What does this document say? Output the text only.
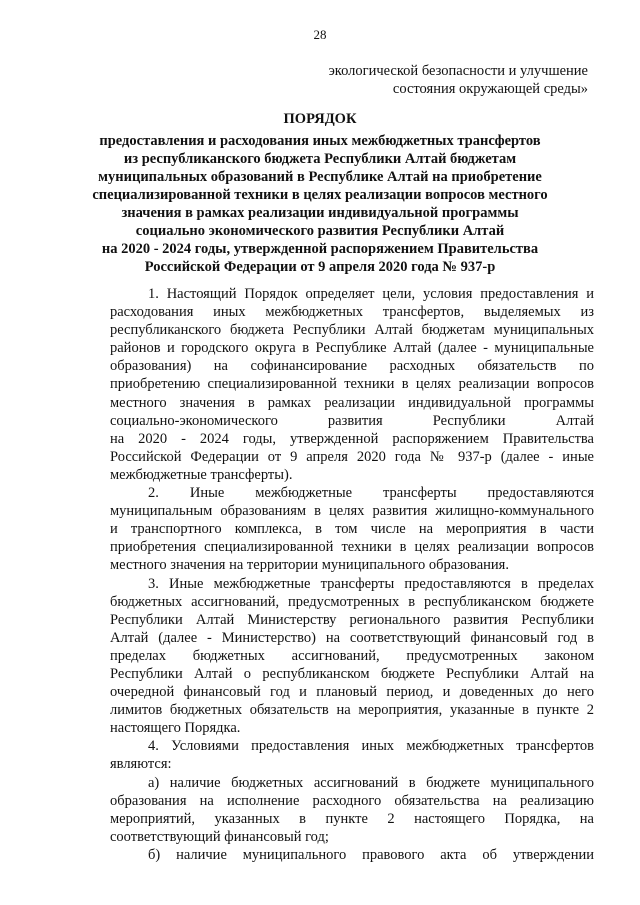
28
экологической безопасности и улучшение
состояния окружающей среды»
ПОРЯДОК
предоставления и расходования иных межбюджетных трансфертов
из республиканского бюджета Республики Алтай бюджетам
муниципальных образований в Республике Алтай на приобретение
специализированной техники в целях реализации вопросов местного
значения в рамках реализации индивидуальной программы
социально экономического развития Республики Алтай
на 2020 - 2024 годы, утвержденной распоряжением Правительства
Российской Федерации от 9 апреля 2020 года № 937-р
1. Настоящий Порядок определяет цели, условия предоставления и
расходования иных межбюджетных трансфертов, выделяемых из
республиканского бюджета Республики Алтай бюджетам муниципальных
районов и городского округа в Республике Алтай (далее - муниципальные
образования) на софинансирование расходных обязательств по
приобретению специализированной техники в целях реализации вопросов
местного значения в рамках реализации индивидуальной программы
социально-экономического развития Республики Алтай
на 2020 - 2024 годы, утвержденной распоряжением Правительства
Российской Федерации от 9 апреля 2020 года № 937-р (далее - иные
межбюджетные трансферты).
2. Иные межбюджетные трансферты предоставляются
муниципальным образованиям в целях развития жилищно-коммунального
и транспортного комплекса, в том числе на мероприятия в части
приобретения специализированной техники в целях реализации вопросов
местного значения на территории муниципального образования.
3. Иные межбюджетные трансферты предоставляются в пределах
бюджетных ассигнований, предусмотренных в республиканском бюджете
Республики Алтай Министерству регионального развития Республики
Алтай (далее - Министерство) на соответствующий финансовый год в
пределах бюджетных ассигнований, предусмотренных законом
Республики Алтай о республиканском бюджете Республики Алтай на
очередной финансовый год и плановый период, и доведенных до него
лимитов бюджетных обязательств на мероприятия, указанные в пункте 2
настоящего Порядка.
4. Условиями предоставления иных межбюджетных трансфертов
являются:
а) наличие бюджетных ассигнований в бюджете муниципального
образования на исполнение расходного обязательства на реализацию
мероприятий, указанных в пункте 2 настоящего Порядка, на
соответствующий финансовый год;
б) наличие муниципального правового акта об утверждении
